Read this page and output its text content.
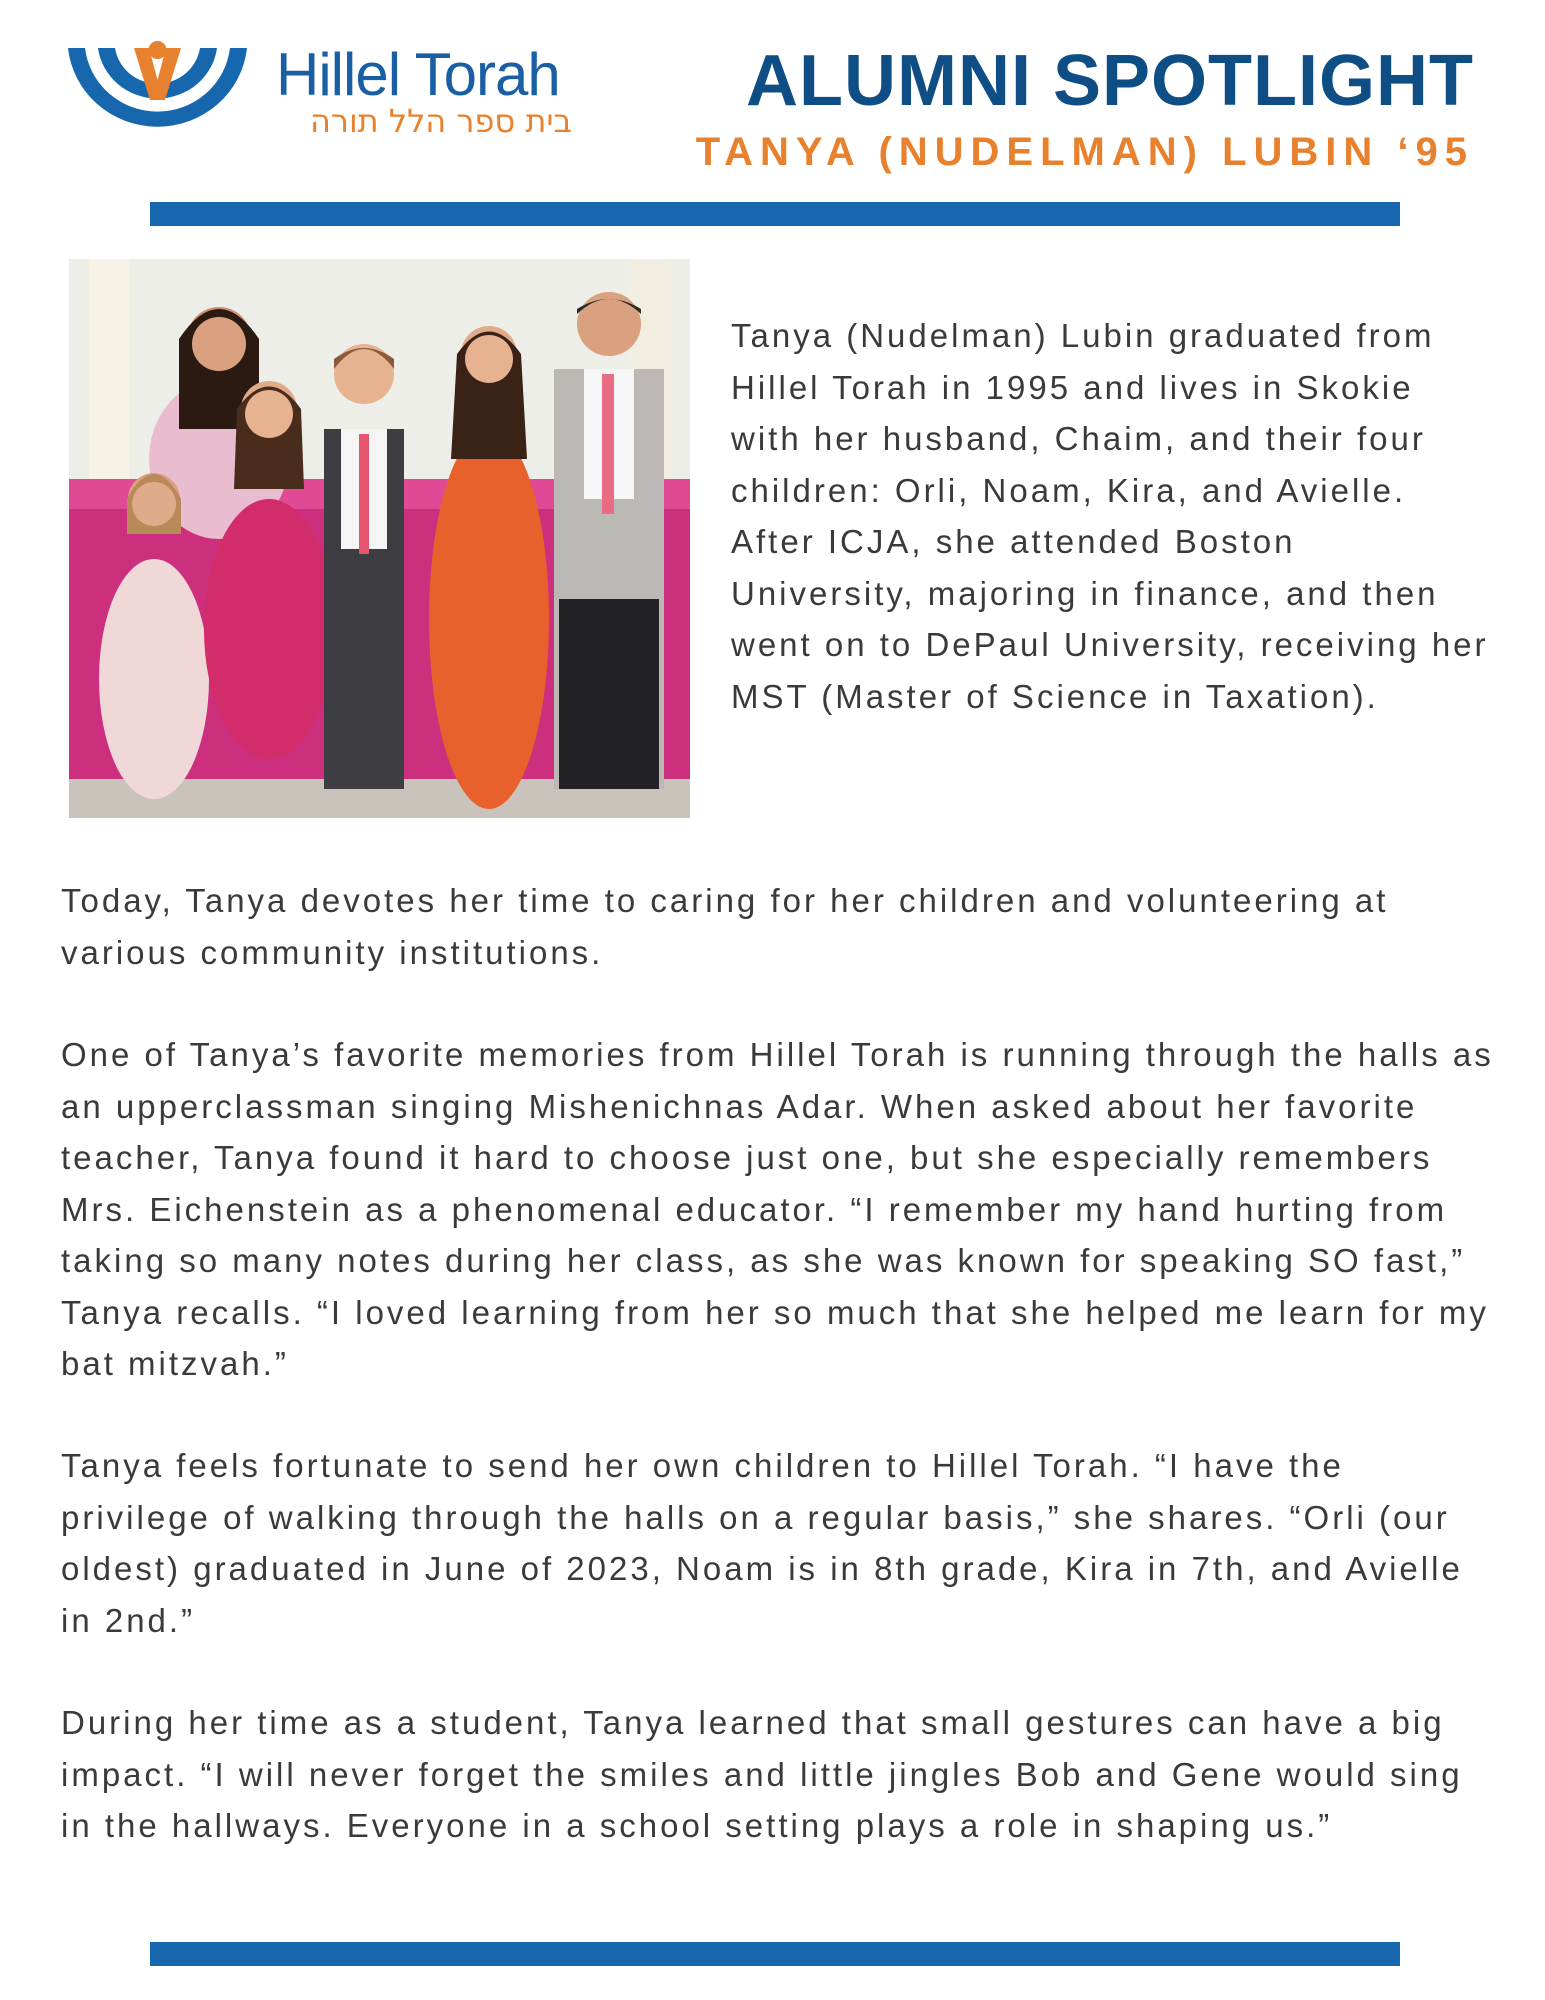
Hillel Torah
בית ספר הלל תורה ALUMNI SPOTLIGHT
TANYA (NUDELMAN) LUBIN ‘95
Tanya (Nudelman) Lubin graduated from Hillel Torah in 1995 and lives in Skokie with her husband, Chaim, and their four children: Orli, Noam, Kira, and Avielle. After ICJA, she attended Boston University, majoring in finance, and then went on to DePaul University, receiving her MST (Master of Science in Taxation).
Today, Tanya devotes her time to caring for her children and volunteering at various community institutions.
One of Tanya’s favorite memories from Hillel Torah is running through the halls as an upperclassman singing Mishenichnas Adar. When asked about her favorite teacher, Tanya found it hard to choose just one, but she especially remembers Mrs. Eichenstein as a phenomenal educator. “I remember my hand hurting from taking so many notes during her class, as she was known for speaking SO fast,” Tanya recalls. “I loved learning from her so much that she helped me learn for my bat mitzvah.”
Tanya feels fortunate to send her own children to Hillel Torah. “I have the privilege of walking through the halls on a regular basis,” she shares. “Orli (our oldest) graduated in June of 2023, Noam is in 8th grade, Kira in 7th, and Avielle in 2nd.”
During her time as a student, Tanya learned that small gestures can have a big impact. “I will never forget the smiles and little jingles Bob and Gene would sing in the hallways. Everyone in a school setting plays a role in shaping us.”
